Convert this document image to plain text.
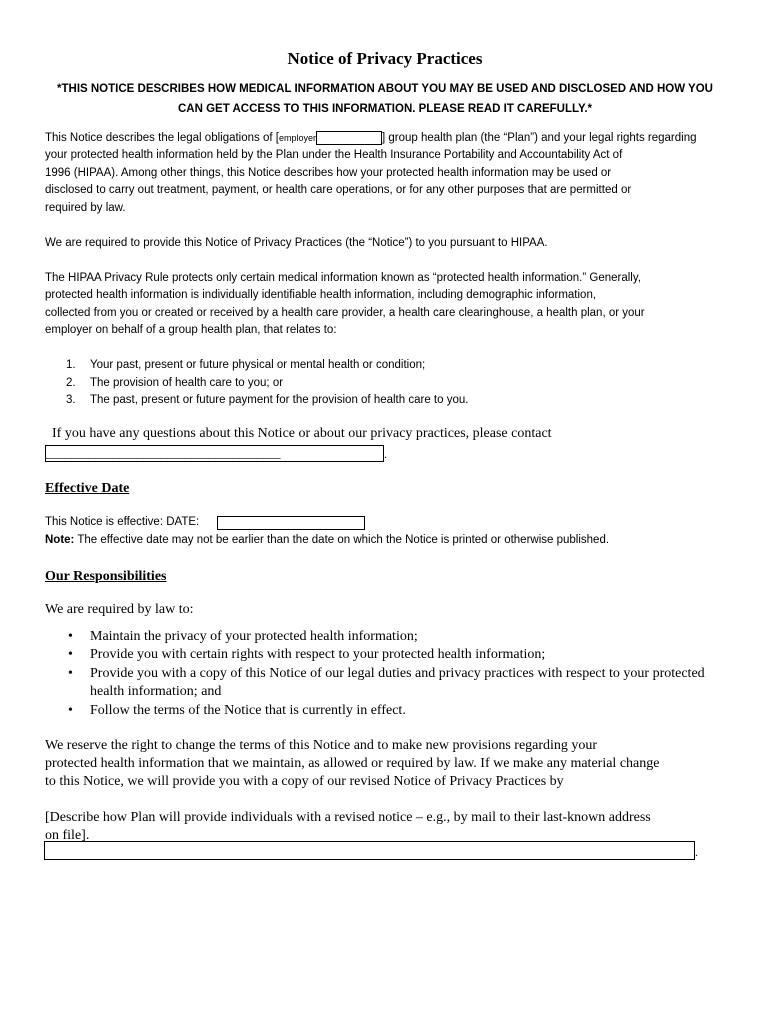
Notice of Privacy Practices
*THIS NOTICE DESCRIBES HOW MEDICAL INFORMATION ABOUT YOU MAY BE USED AND DISCLOSED AND HOW YOU
CAN GET ACCESS TO THIS INFORMATION. PLEASE READ IT CAREFULLY.*
This Notice describes the legal obligations of [employer	] group health plan (the “Plan”) and your legal rights regarding
your protected health information held by the Plan under the Health Insurance Portability and Accountability Act of
1996 (HIPAA). Among other things, this Notice describes how your protected health information may be used or
disclosed to carry out treatment, payment, or health care operations, or for any other purposes that are permitted or
required by law.
We are required to provide this Notice of Privacy Practices (the “Notice”) to you pursuant to HIPAA.
The HIPAA Privacy Rule protects only certain medical information known as “protected health information.” Generally,
protected health information is individually identifiable health information, including demographic information,
collected from you or created or received by a health care provider, a health care clearinghouse, a health plan, or your
employer on behalf of a group health plan, that relates to:
1. Your past, present or future physical or mental health or condition;
2. The provision of health care to you; or
3. The past, present or future payment for the provision of health care to you.
If you have any questions about this Notice or about our privacy practices, please contact
_______________________________________	.
Effective Date
This Notice is effective: DATE:
Note: The effective date may not be earlier than the date on which the Notice is printed or otherwise published.
Our Responsibilities
We are required by law to:
• Maintain the privacy of your protected health information;
• Provide you with certain rights with respect to your protected health information;
• Provide you with a copy of this Notice of our legal duties and privacy practices with respect to your protected health information; and
• Follow the terms of the Notice that is currently in effect.
We reserve the right to change the terms of this Notice and to make new provisions regarding your
protected health information that we maintain, as allowed or required by law. If we make any material change
to this Notice, we will provide you with a copy of our revised Notice of Privacy Practices by
[Describe how Plan will provide individuals with a revised notice – e.g., by mail to their last-known address
on file].
.
